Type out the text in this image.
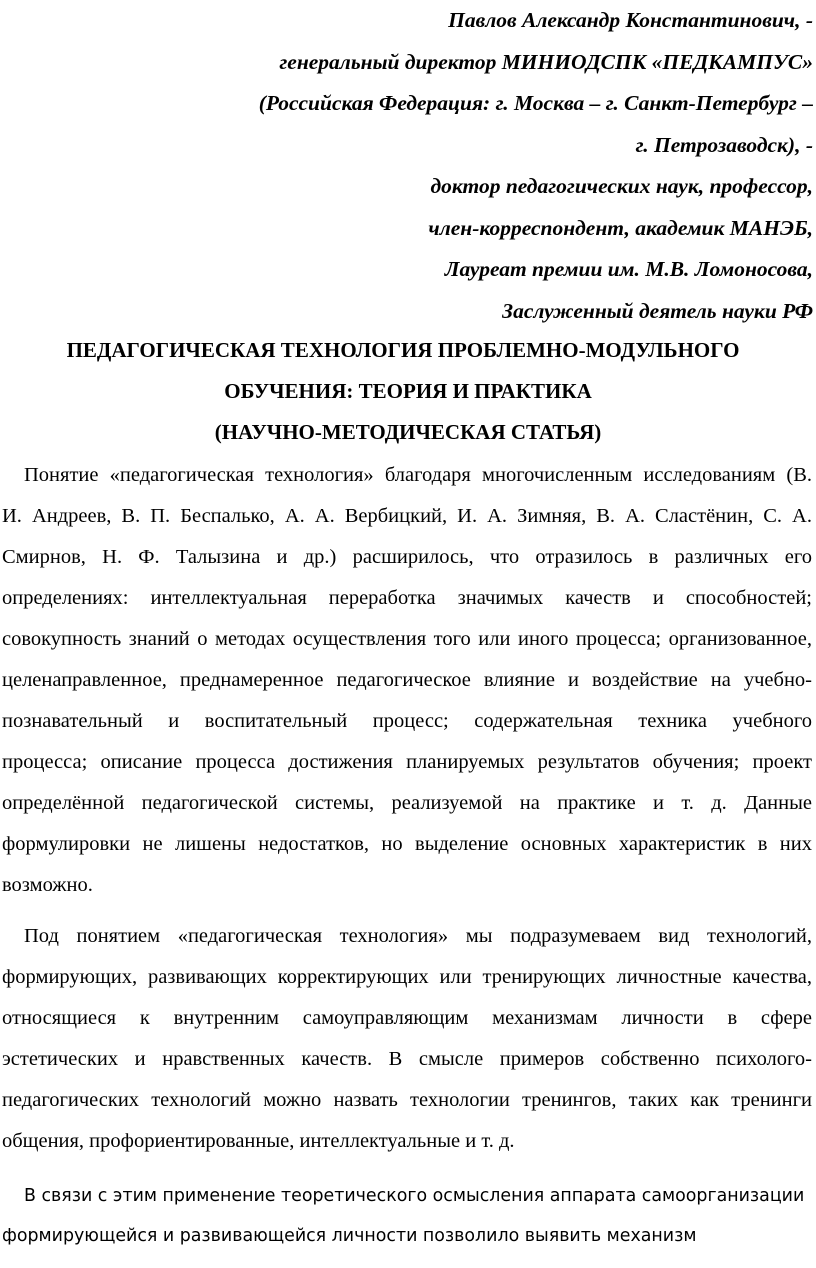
Павлов Александр Константинович, -
генеральный директор МИНИОДСПК «ПЕДКАМПУС»
(Российская Федерация: г. Москва – г. Санкт-Петербург –
г. Петрозаводск), -
доктор педагогических наук, профессор,
член-корреспондент, академик МАНЭБ,
Лауреат премии им. М.В. Ломоносова,
Заслуженный деятель науки РФ
ПЕДАГОГИЧЕСКАЯ ТЕХНОЛОГИЯ ПРОБЛЕМНО-МОДУЛЬНОГО
ОБУЧЕНИЯ: ТЕОРИЯ И ПРАКТИКА
(НАУЧНО-МЕТОДИЧЕСКАЯ СТАТЬЯ)
Понятие «педагогическая технология» благодаря многочисленным исследованиям (В.
И. Андреев, В. П. Беспалько, А. А. Вербицкий, И. А. Зимняя, В. А. Сластёнин, С. А.
Смирнов, Н. Ф. Талызина и др.) расширилось, что отразилось в различных его
определениях: интеллектуальная переработка значимых качеств и способностей;
совокупность знаний о методах осуществления того или иного процесса; организованное,
целенаправленное, преднамеренное педагогическое влияние и воздействие на учебно-
познавательный и воспитательный процесс; содержательная техника учебного
процесса; описание процесса достижения планируемых результатов обучения; проект
определённой педагогической системы, реализуемой на практике и т. д. Данные
формулировки не лишены недостатков, но выделение основных характеристик в них
возможно.
Под понятием «педагогическая технология» мы подразумеваем вид технологий,
формирующих, развивающих корректирующих или тренирующих личностные качества,
относящиеся к внутренним самоуправляющим механизмам личности в сфере
эстетических и нравственных качеств. В смысле примеров собственно психолого-
педагогических технологий можно назвать технологии тренингов, таких как тренинги
общения, профориентированные, интеллектуальные и т. д.
В связи с этим применение теоретического осмысления аппарата самоорганизации
формирующейся и развивающейся личности позволило выявить механизм
